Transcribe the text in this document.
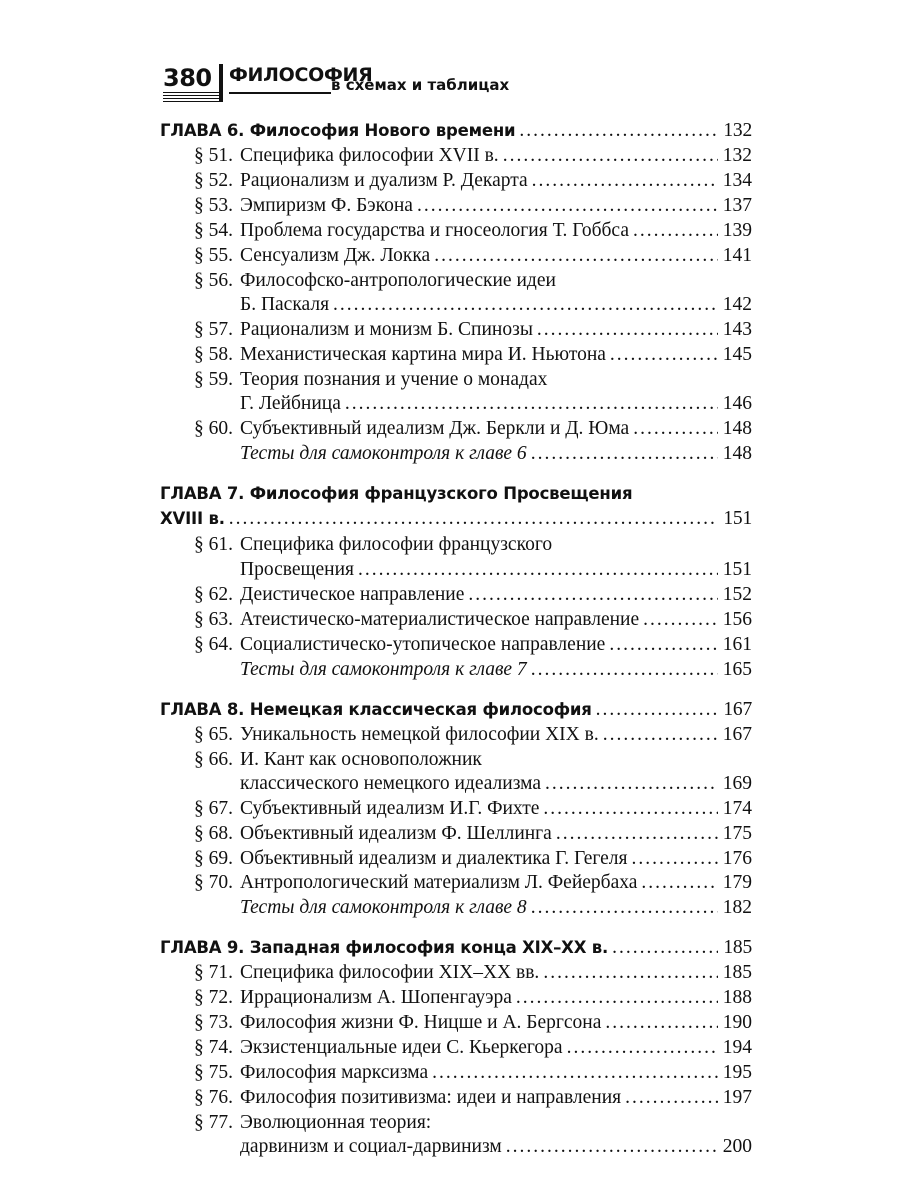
380 ФИЛОСОФИЯ
в схемах и таблицах
ГЛАВА 6. Философия Нового времени .....	132
§ 51. Специфика философии XVII в. .....	132
§ 52. Рационализм и дуализм Р. Декарта .....	134
§ 53. Эмпиризм Ф. Бэкона .....	137
§ 54. Проблема государства и гносеология Т. Гоббса .....	139
§ 55. Сенсуализм Дж. Локка .....	141
§ 56. Философско-антропологические идеи
Б. Паскаля .....	142
§ 57. Рационализм и монизм Б. Спинозы .....	143
§ 58. Механистическая картина мира И. Ньютона .....	145
§ 59. Теория познания и учение о монадах
Г. Лейбница .....	146
§ 60. Субъективный идеализм Дж. Беркли и Д. Юма .....	148
Тесты для самоконтроля к главе 6 .....	148
ГЛАВА 7. Философия французского Просвещения
XVIII в. .....	151
§ 61. Специфика философии французского
Просвещения .....	151
§ 62. Деистическое направление .....	152
§ 63. Атеистическо-материалистическое направление .....	156
§ 64. Социалистическо-утопическое направление .....	161
Тесты для самоконтроля к главе 7 .....	165
ГЛАВА 8. Немецкая классическая философия .....	167
§ 65. Уникальность немецкой философии XIX в. .....	167
§ 66. И. Кант как основоположник
классического немецкого идеализма .....	169
§ 67. Субъективный идеализм И.Г. Фихте .....	174
§ 68. Объективный идеализм Ф. Шеллинга .....	175
§ 69. Объективный идеализм и диалектика Г. Гегеля .....	176
§ 70. Антропологический материализм Л. Фейербаха .....	179
Тесты для самоконтроля к главе 8 .....	182
ГЛАВА 9. Западная философия конца XIX–XX в. .....	185
§ 71. Специфика философии XIX–XX вв. .....	185
§ 72. Иррационализм А. Шопенгауэра .....	188
§ 73. Философия жизни Ф. Ницше и А. Бергсона .....	190
§ 74. Экзистенциальные идеи С. Кьеркегора .....	194
§ 75. Философия марксизма .....	195
§ 76. Философия позитивизма: идеи и направления .....	197
§ 77. Эволюционная теория:
дарвинизм и социал-дарвинизм .....	200
